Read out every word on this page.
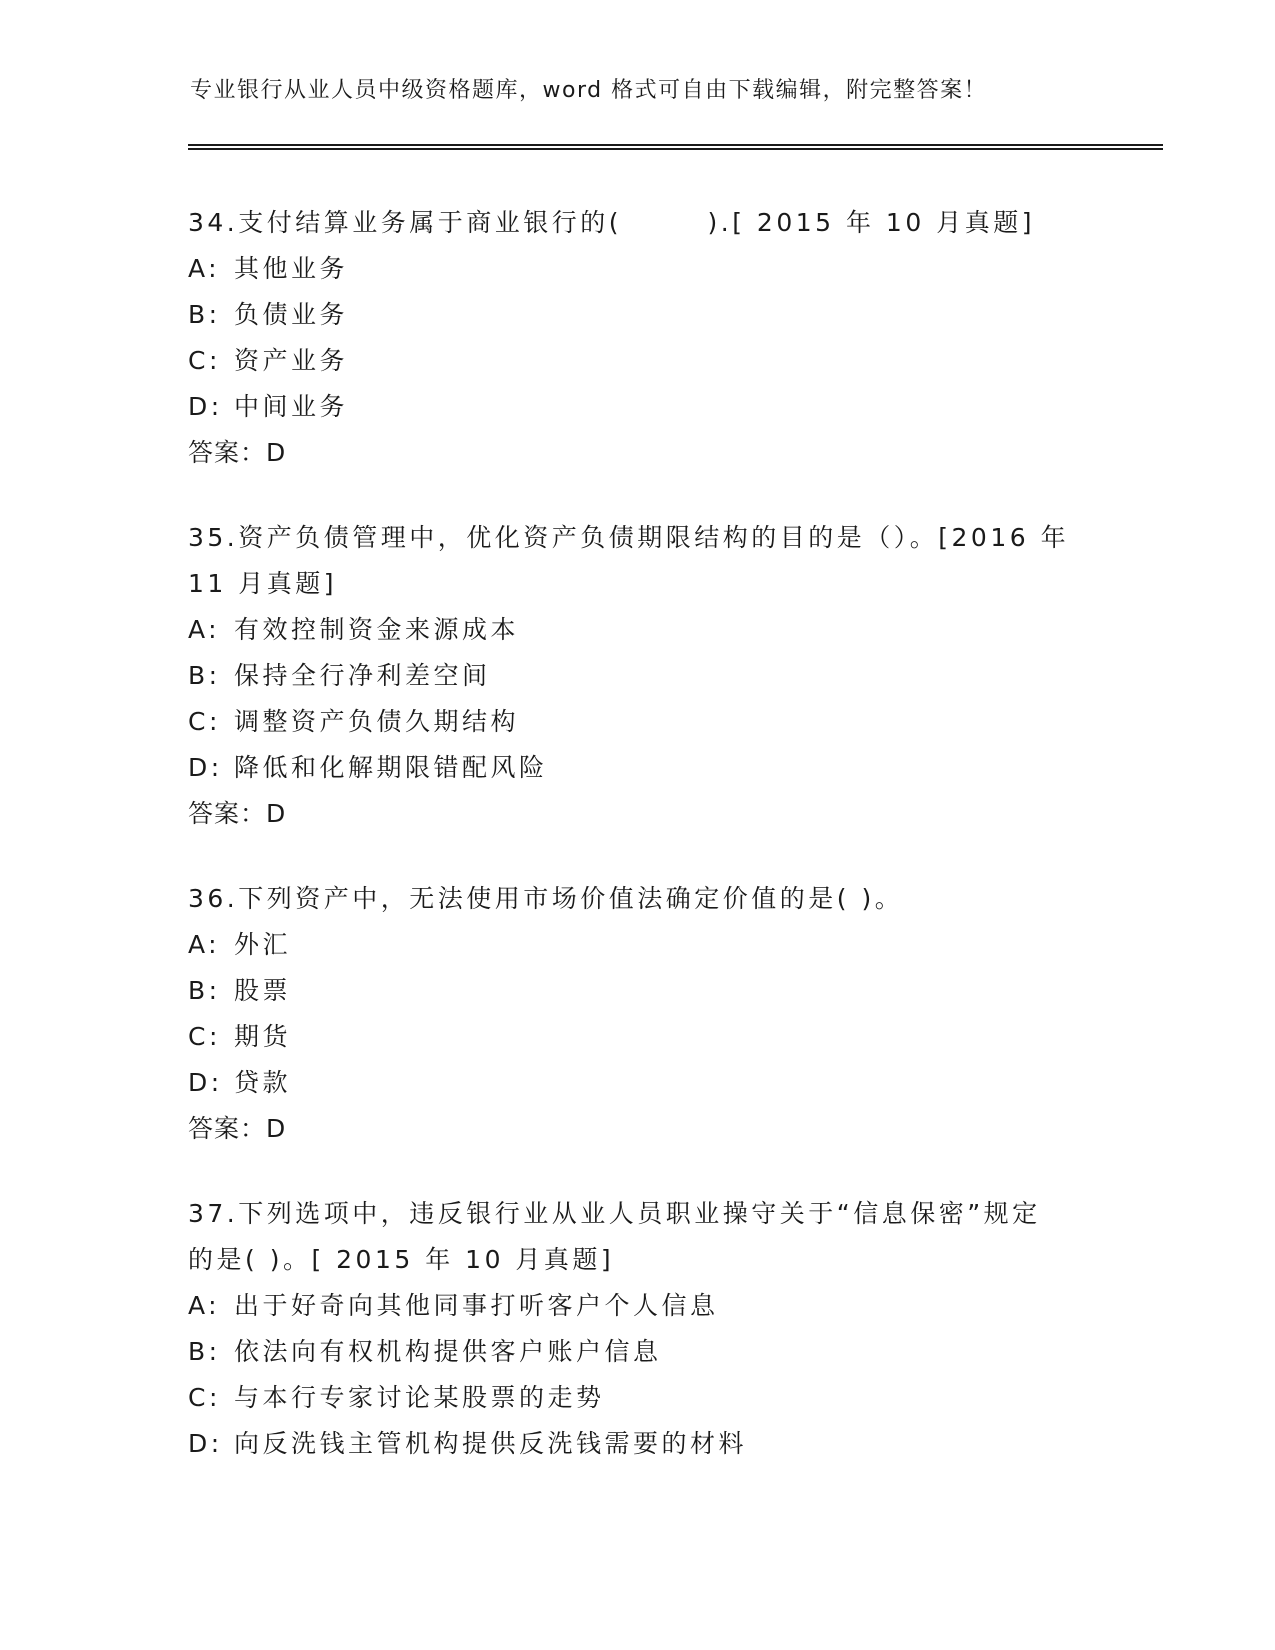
专业银行从业人员中级资格题库，word 格式可自由下载编辑，附完整答案！
34.支付结算业务属于商业银行的(　　　).[ 2015 年 10 月真题]
A: 其他业务
B: 负债业务
C: 资产业务
D: 中间业务
答案：D
35.资产负债管理中，优化资产负债期限结构的目的是（）。[2016 年
11 月真题]
A: 有效控制资金来源成本
B: 保持全行净利差空间
C: 调整资产负债久期结构
D: 降低和化解期限错配风险
答案：D
36.下列资产中，无法使用市场价值法确定价值的是( )。
A: 外汇
B: 股票
C: 期货
D: 贷款
答案：D
37.下列选项中，违反银行业从业人员职业操守关于“信息保密”规定
的是( )。[ 2015 年 10 月真题]
A: 出于好奇向其他同事打听客户个人信息
B: 依法向有权机构提供客户账户信息
C: 与本行专家讨论某股票的走势
D: 向反洗钱主管机构提供反洗钱需要的材料
